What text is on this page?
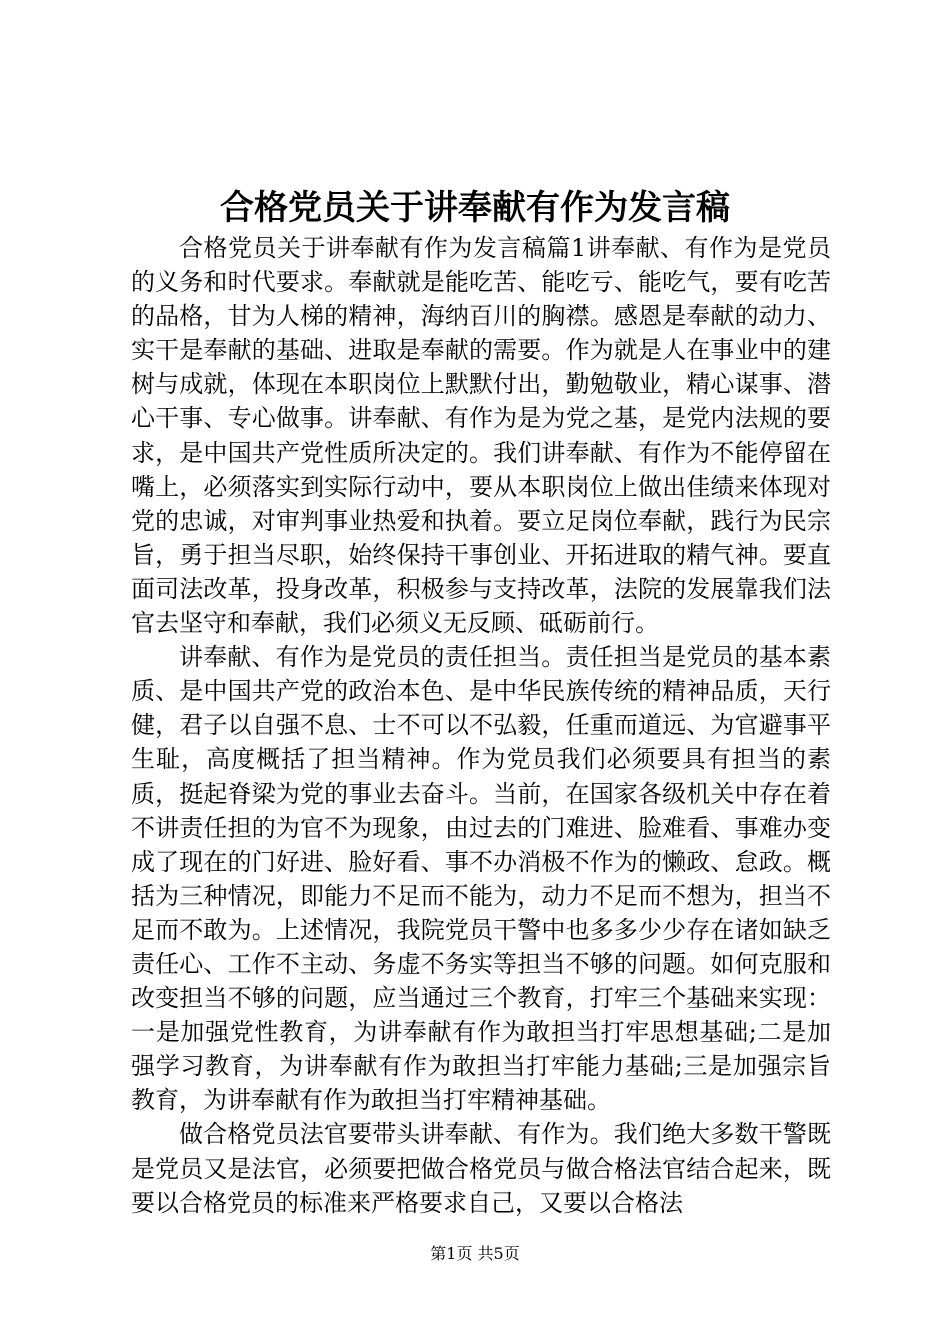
合格党员关于讲奉献有作为发言稿

合格党员关于讲奉献有作为发言稿篇1讲奉献、有作为是党员的义务和时代要求。奉献就是能吃苦、能吃亏、能吃气，要有吃苦的品格，甘为人梯的精神，海纳百川的胸襟。感恩是奉献的动力、实干是奉献的基础、进取是奉献的需要。作为就是人在事业中的建树与成就，体现在本职岗位上默默付出，勤勉敬业，精心谋事、潜心干事、专心做事。讲奉献、有作为是为党之基，是党内法规的要求，是中国共产党性质所决定的。我们讲奉献、有作为不能停留在嘴上，必须落实到实际行动中，要从本职岗位上做出佳绩来体现对党的忠诚，对审判事业热爱和执着。要立足岗位奉献，践行为民宗旨，勇于担当尽职，始终保持干事创业、开拓进取的精气神。要直面司法改革，投身改革，积极参与支持改革，法院的发展靠我们法官去坚守和奉献，我们必须义无反顾、砥砺前行。

讲奉献、有作为是党员的责任担当。责任担当是党员的基本素质、是中国共产党的政治本色、是中华民族传统的精神品质，天行健，君子以自强不息、士不可以不弘毅，任重而道远、为官避事平生耻，高度概括了担当精神。作为党员我们必须要具有担当的素质，挺起脊梁为党的事业去奋斗。当前，在国家各级机关中存在着不讲责任担的为官不为现象，由过去的门难进、脸难看、事难办变成了现在的门好进、脸好看、事不办消极不作为的懒政、怠政。概括为三种情况，即能力不足而不能为，动力不足而不想为，担当不足而不敢为。上述情况，我院党员干警中也多多少少存在诸如缺乏责任心、工作不主动、务虚不务实等担当不够的问题。如何克服和改变担当不够的问题，应当通过三个教育，打牢三个基础来实现：一是加强党性教育，为讲奉献有作为敢担当打牢思想基础;二是加强学习教育，为讲奉献有作为敢担当打牢能力基础;三是加强宗旨教育，为讲奉献有作为敢担当打牢精神基础。

做合格党员法官要带头讲奉献、有作为。我们绝大多数干警既是党员又是法官，必须要把做合格党员与做合格法官结合起来，既要以合格党员的标准来严格要求自己，又要以合格法

第1页 共5页
